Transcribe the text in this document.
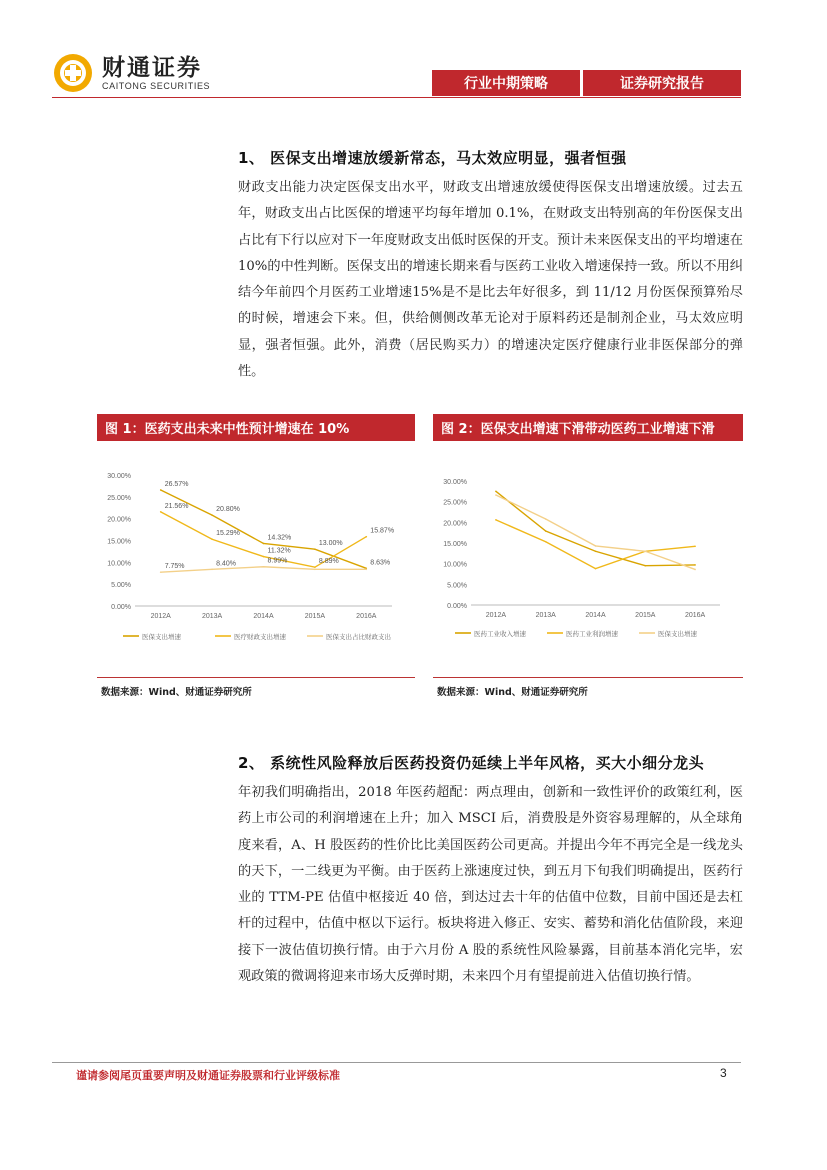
财通证券
CAITONG SECURITIES	行业中期策略	证券研究报告
1、 医保支出增速放缓新常态，马太效应明显，强者恒强
财政支出能力决定医保支出水平，财政支出增速放缓使得医保支出增速放缓。过去五年，财政支出占比医保的增速平均每年增加 0.1%，在财政支出特别高的年份医保支出占比有下行以应对下一年度财政支出低时医保的开支。预计未来医保支出的平均增速在 10%的中性判断。医保支出的增速长期来看与医药工业收入增速保持一致。所以不用纠结今年前四个月医药工业增速15%是不是比去年好很多，到 11/12 月份医保预算殆尽的时候，增速会下来。但，供给侧侧改革无论对于原料药还是制剂企业，马太效应明显，强者恒强。此外，消费（居民购买力）的增速决定医疗健康行业非医保部分的弹性。
图 1：医药支出未来中性预计增速在 10%
0.00%
5.00%
10.00%
15.00%
20.00%
25.00%
30.00%
2012A	2013A	2014A	2015A	2016A
26.57%
20.80%
14.32%
13.00%
8.63%
医保支出增速
21.56%
15.29%
11.32%
8.89%
15.87%
医疗财政支出增速
7.75%	8.40%	8.99%
医保支出占比财政支出
数据来源：Wind、财通证券研究所
图 2：医保支出增速下滑带动医药工业增速下滑
0.00%
5.00%
10.00%
15.00%
20.00%
25.00%
30.00%
2012A	2013A	2014A	2015A	2016A
医药工业收入增速	医药工业利润增速	医保支出增速
数据来源：Wind、财通证券研究所
2、 系统性风险释放后医药投资仍延续上半年风格，买大小细分龙头
年初我们明确指出，2018 年医药超配：两点理由，创新和一致性评价的政策红利，医药上市公司的利润增速在上升；加入 MSCI 后，消费股是外资容易理解的，从全球角度来看，A、H 股医药的性价比比美国医药公司更高。并提出今年不再完全是一线龙头的天下，一二线更为平衡。由于医药上涨速度过快，到五月下旬我们明确提出，医药行业的 TTM-PE 估值中枢接近 40 倍，到达过去十年的估值中位数，目前中国还是去杠杆的过程中，估值中枢以下运行。板块将进入修正、安实、蓄势和消化估值阶段，来迎接下一波估值切换行情。由于六月份 A 股的系统性风险暴露，目前基本消化完毕，宏观政策的微调将迎来市场大反弹时期，未来四个月有望提前进入估值切换行情。
谨请参阅尾页重要声明及财通证券股票和行业评级标准	3
